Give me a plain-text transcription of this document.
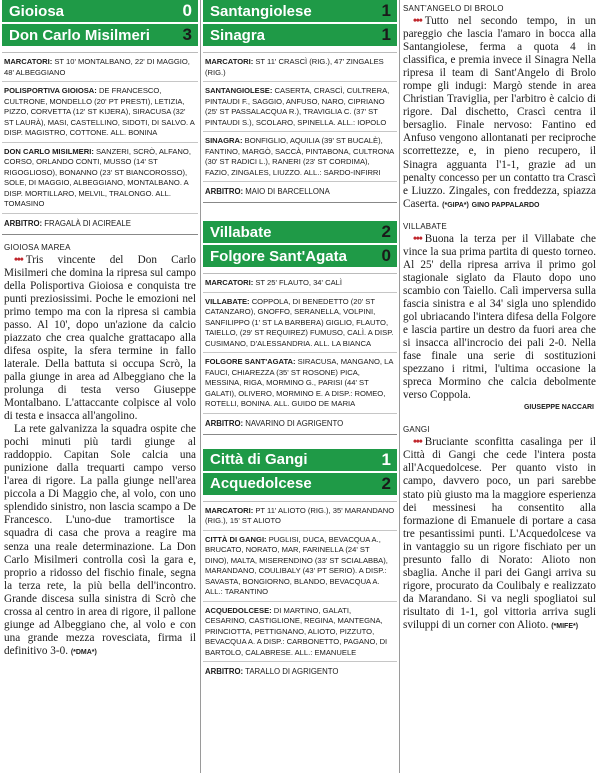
Gioiosa	0
Don Carlo Misilmeri 3
MARCATORI: ST 10' MONTALBANO, 22' DI MAGGIO, 48' ALBEGGIANO
POLISPORTIVA GIOIOSA: DE FRANCESCO, CULTRONE, MONDELLO (20' PT PRESTI), LETIZIA, PIZZO, CORVETTA (12' ST KIJERA), SIRACUSA (32' ST LAURÀ), MASI, CASTELLINO, SIDOTI, DI SALVO. A DISP. MAGISTRO, COTTONE. ALL. BONINA
DON CARLO MISILMERI: SANZERI, SCRÒ, ALFANO, CORSO, ORLANDO CONTI, MUSSO (14' ST RIGOGLIOSO), BONANNO (23' ST BIANCOROSSO), SOLE, DI MAGGIO, ALBEGGIANO, MONTALBANO. A DISP. MORTILLARO, MELVIL, TRALONGO. ALL. TOMASINO
ARBITRO: FRAGALÀ DI ACIREALE
GIOIOSA MAREA

••• Tris vincente del Don Carlo Misilmeri che domina la ripresa sul campo della Polisportiva Gioiosa e conquista tre punti preziosissimi. Poche le emozioni nel primo tempo ma con la ripresa si cambia passo. Al 10', dopo un'azione da calcio piazzato che crea qualche grattacapo alla difesa ospite, la sfera termine in fallo laterale. Della battuta si occupa Scrò, la palla giunge in area ad Albeggiano che la prolunga di testa verso Giuseppe Montalbano. L'attaccante colpisce al volo di testa e insacca all'angolino.

La rete galvanizza la squadra ospite che pochi minuti più tardi giunge al raddoppio. Capitan Sole calcia una punizione dalla trequarti campo verso l'area di rigore. La palla giunge nell'area piccola a Di Maggio che, al volo, con uno splendido sinistro, non lascia scampo a De Francesco. L'uno-due tramortisce la squadra di casa che prova a reagire ma senza una reale determinazione. La Don Carlo Misilmeri controlla così la gara e, proprio a ridosso del fischio finale, segna la terza rete, la più bella dell'incontro. Grande discesa sulla sinistra di Scrò che crossa al centro in area di rigore, il pallone giunge ad Albeggiano che, al volo e con una grande mezza rovesciata, firma il definitivo 3-0. (*DMA*)

Santangiolese	1
Sinagra	1
MARCATORI: ST 11' CRASCÌ (RIG.), 47' ZINGALES (RIG.)
SANTANGIOLESE: CASERTA, CRASCÌ, CULTRERA, PINTAUDI F., SAGGIO, ANFUSO, NARO, CIPRIANO (25' ST PASSALACQUA R.), TRAVIGLIA C. (37' ST PINTAUDI S.), SCOLARO, SPINELLA. ALL.: IOPOLO
SINAGRA: BONFIGLIO, AQUILIA (39' ST BUCALÈ), FANTINO, MARGÒ, SACCÀ, PINTABONA, CULTRONA (30' ST RADICI L.), RANERI (23' ST CORDIMA), FAZIO, ZINGALES, LIUZZO. ALL.: SARDO-INFIRRI
ARBITRO: MAIO DI BARCELLONA
Villabate	2
Folgore Sant'Agata 0
MARCATORI: ST 25' FLAUTO, 34' CALÌ
VILLABATE: COPPOLA, DI BENEDETTO (20' ST CATANZARO), GNOFFO, SERANELLA, VOLPINI, SANFILIPPO (1' ST LA BARBERA) GIGLIO, FLAUTO, TAIELLO, (29' ST REQUIREZ) FUMUSO, CALÌ. A DISP. CUSIMANO, D'ALESSANDRIA. ALL. LA BIANCA
FOLGORE SANT'AGATA: SIRACUSA, MANGANO, LA FAUCI, CHIAREZZA (35' ST ROSONE) PICA, MESSINA, RIGA, MORMINO G., PARISI (44' ST GALATI), OLIVERO, MORMINO E. A DISP.: ROMEO, ROTELLI, BONINA. ALL. GUIDO DE MARIA
ARBITRO: NAVARINO DI AGRIGENTO
Città di Gangi	1
Acquedolcese	2
MARCATORI: PT 11' ALIOTO (RIG.), 35' MARANDANO (RIG.), 15' ST ALIOTO
CITTÀ DI GANGI: PUGLISI, DUCA, BEVACQUA A., BRUCATO, NORATO, MAR, FARINELLA (24' ST DINO), MALTA, MISERENDINO (33' ST SCIALABBA), MARANDANO, COULIBALY (43' PT SERIO). A DISP.: SAVASTA, BONGIORNO, BLANDO, BEVACQUA A. ALL.: TARANTINO
ACQUEDOLCESE: DI MARTINO, GALATI, CESARINO, CASTIGLIONE, REGINA, MANTEGNA, PRINCIOTTA, PETTIGNANO, ALIOTO, PIZZUTO, BEVACQUA A. A DISP.: CARBONETTO, PAGANO, DI BARTOLO, CALABRESE. ALL.: EMANUELE
ARBITRO: TARALLO DI AGRIGENTO
SANT'ANGELO DI BROLO

••• Tutto nel secondo tempo, in un pareggio che lascia l'amaro in bocca alla Santangiolese, ferma a quota 4 in classifica, e premia invece il Sinagra Nella ripresa il team di Sant'Angelo di Brolo rompe gli indugi: Margò stende in area Christian Traviglia, per l'arbitro è calcio di rigore. Dal dischetto, Crascì centra il bersaglio. Finale nervoso: Fantino ed Anfuso vengono allontanati per reciproche scorrettezze, e, in pieno recupero, il Sinagra agguanta l'1-1, grazie ad un penalty concesso per un contatto tra Crascì e Liuzzo. Zingales, con freddezza, spiazza Caserta. (*GIPA*) GINO PAPPALARDO

VILLABATE

••• Buona la terza per il Villabate che vince la sua prima partita di questo torneo. Al 25' della ripresa arriva il primo gol stagionale siglato da Flauto dopo uno scambio con Taiello. Calì imperversa sulla fascia sinistra e al 34' sigla uno splendido gol ubriacando l'intera difesa della Folgore e lascia partire un destro da fuori area che si insacca all'incrocio dei pali 2-0. Nella fase finale una serie di sostituzioni spezzano i ritmi, l'ultima occasione la spreca Mormino che calcia debolmente verso Coppola.

GIUSEPPE NACCARI
GANGI

••• Bruciante sconfitta casalinga per il Città di Gangi che cede l'intera posta all'Acquedolcese. Per quanto visto in campo, davvero poco, un pari sarebbe stato più giusto ma la maggiore esperienza dei messinesi ha consentito alla formazione di Emanuele di portare a casa tre pesantissimi punti. L'Acquedolcese va in vantaggio su un rigore fischiato per un presunto fallo di Norato: Alioto non sbaglia. Anche il pari dei Gangi arriva su rigore, procurato da Coulibaly e realizzato da Marandano. Si va negli spogliatoi sul risultato di 1-1, gol vittoria arriva sugli sviluppi di un corner con Alioto. (*MIFE*)
